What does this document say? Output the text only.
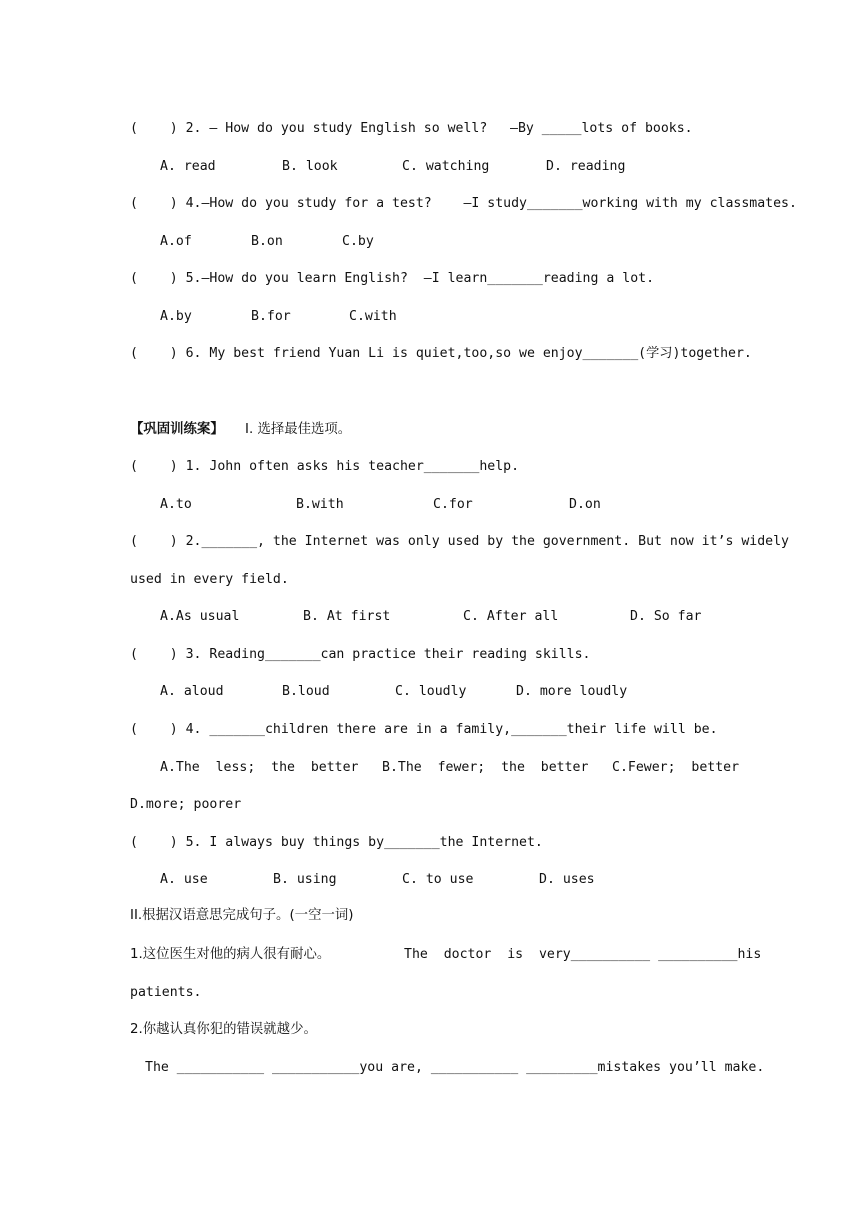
(    ) 2. — How do you study English so well? —By _____lots of books.
A. read	B. look	C. watching	D. reading
(    ) 4.—How do you study for a test?    —I study_______working with my classmates.
A.of	B.on	C.by
(    ) 5.—How do you learn English?  —I learn_______reading a lot.
A.by	B.for	C.with
(    ) 6. My best friend Yuan Li is quiet,too,so we enjoy_______(学习)together.
【巩固训练案】 I. 选择最佳选项。
(    ) 1. John often asks his teacher_______help.
A.to	B.with	C.for	D.on
(    ) 2._______, the Internet was only used by the government. But now it’s widely
used in every field.
A.As usual	B. At first	C. After all	D. So far
(    ) 3. Reading_______can practice their reading skills.
A. aloud	B.loud	C. loudly	D. more loudly
(    ) 4. _______children there are in a family,_______their life will be.
A.The  less;  the  better B.The  fewer;  the  better C.Fewer;  better
D.more; poorer
(    ) 5. I always buy things by_______the Internet.
A. use	B. using	C. to use	D. uses
II.根据汉语意思完成句子。(一空一词)
1.这位医生对他的病人很有耐心。	The  doctor  is  very__________ __________his
patients.
2.你越认真你犯的错误就越少。
The ___________ ___________you are, ___________ _________mistakes you’ll make.
